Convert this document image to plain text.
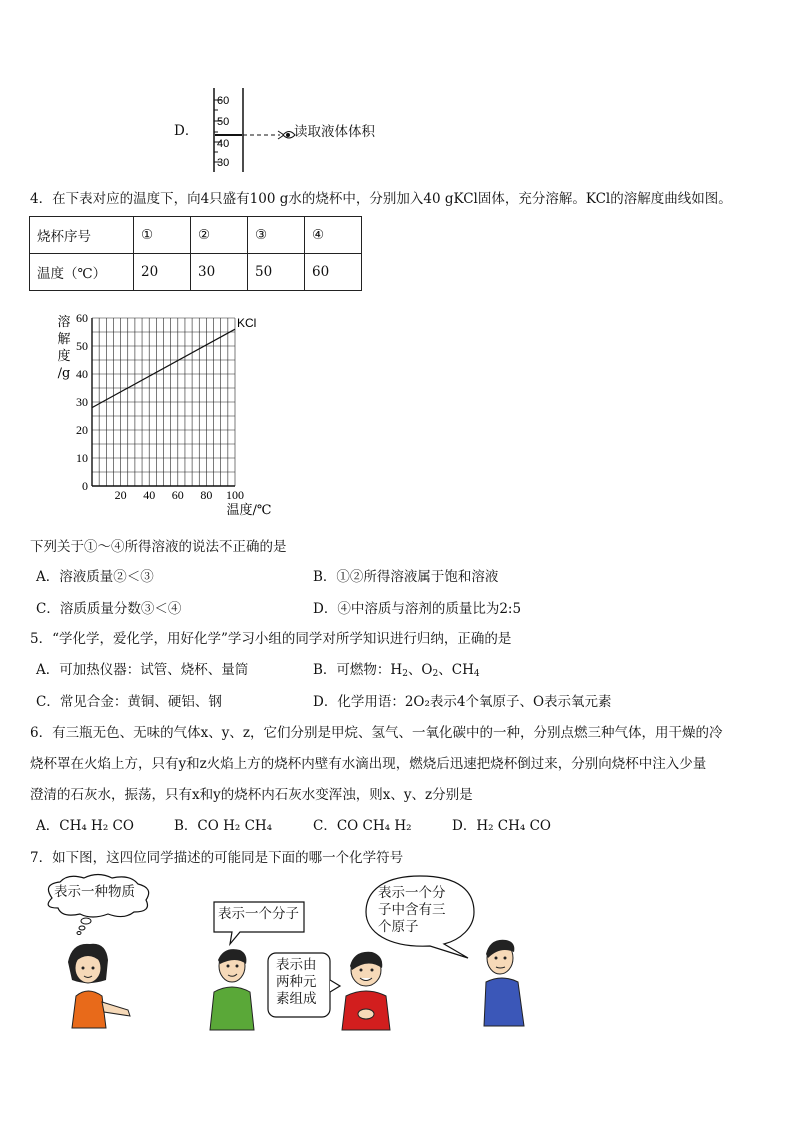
D．
60
50
40
30
读取液体体积
4．在下表对应的温度下，向4只盛有100 g水的烧杯中，分别加入40 gKCl固体，充分溶解。KCl的溶解度曲线如图。
烧杯序号	①	②	③	④
温度（℃）	20	30	50	60
0
10
20
30
40
50
60
20 40 60 80 100
溶
解
度
/g
温度/℃
KCl
下列关于①～④所得溶液的说法不正确的是
A．溶液质量②＜③	B．①②所得溶液属于饱和溶液
C．溶质质量分数③＜④	D．④中溶质与溶剂的质量比为2:5
5．“学化学，爱化学，用好化学”学习小组的同学对所学知识进行归纳，正确的是
A．可加热仪器：试管、烧杯、量筒	B．可燃物：$H_2$、$O_2$、$CH_4$
C．常见合金：黄铜、硬铝、钢	D．化学用语：2O₂表示4个氧原子、O表示氧元素
6．有三瓶无色、无味的气体x、y、z，它们分别是甲烷、氢气、一氧化碳中的一种，分别点燃三种气体，用干燥的冷
烧杯罩在火焰上方，只有y和z火焰上方的烧杯内壁有水滴出现，燃烧后迅速把烧杯倒过来，分别向烧杯中注入少量
澄清的石灰水，振荡，只有x和y的烧杯内石灰水变浑浊，则x、y、z分别是
A．CH₄ H₂ CO	B．CO H₂ CH₄	C．CO CH₄ H₂	D．H₂ CH₄ CO
7．如下图，这四位同学描述的可能同是下面的哪一个化学符号
表示一种物质
表示一个分子
表示由
两种元
素组成
表示一个分
子中含有三
个原子
